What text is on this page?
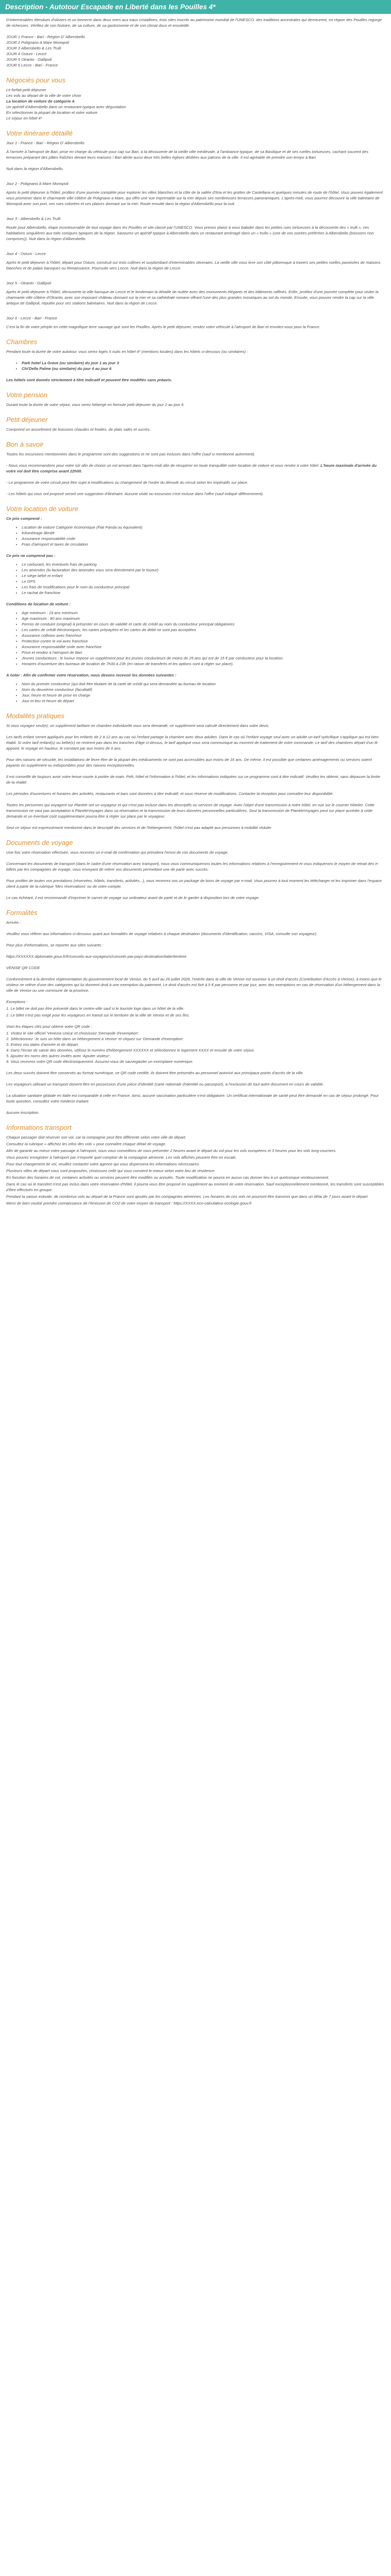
Description - Autotour Escapade en Liberté dans les Pouilles 4*

D'interminables étendues d'oliviers et un tonnerre dans deux mers aux eaux cristallines, trois sites inscrits au patrimoine mondial de l'UNESCO, des traditions ancestrales qui demeurent, en région des Pouilles regorge de richesses. Vérifiez de son histoire, de sa culture, de sa gastronomie et de son climat doux et ensoleillé.

JOUR 1 France - Bari - Région D' Alberobello
JOUR 2 Polignano A Mare Monopoli
JOUR 3 Alberobello & Les Trulli
JOUR 4 Ostuni - Lecce
JOUR 5 Otranto - Gallipoli
JOUR 6 Lecce - Bari - France
Négociés pour vous
Le forfait petit déjeuner
Les vols au départ de la ville de votre choix
La location de voiture de catégorie A
Un apéritif d'Alberobello dans un restaurant typique avec dégustation
En sélectionner la plupart de location et votre voiture
Le séjour en hôtel 4*
Votre itinéraire détaillé

Jour 1 - France - Bari - Région D' Alberobello

À l'arrivée à l'aéroport de Bari, prise en charge du véhicule pour cap sur Bari, à la découverte de la vieille ville médiévale, à l'ambiance typique, de sa Basilique et de ses ruelles tortueuses, cachant souvent des terrasses préparant des pâtes fraîches devant leurs maisons ! Bari abrite aussi deux très belles églises dédiées aux patrons de la ville. Il est agréable de prendre son temps à Bari.

Nuit dans la région d'Alberobello.

Jour 2 - Polignano A Mare Monopoli

Après le petit déjeuner à l'hôtel, profitez d'une journée complète pour explorer les villes blanches et la côte de la vallée d'Itria et les grottes de Castellana et quelques minutes de route de l'hôtel. Vous pouvez également vous promener dans le charmante ville côtière de Polignano a Mare, qui offre une vue imprenable sur la mer depuis ses nombreuses terrasses panoramiques. L'après-midi, vous pourrez découvrir la ville balnéaire de Monopoli avec son port, ses rues colorées et ses plaisirs donnant sur la mer. Route ensuite dans la région d'Alberobello pour la nuit.

Jour 3 - Alberobello & Les Trulli

Route pour Alberobello, étape incontournable de tout voyage dans les Pouilles et site classé par l'UNESCO. Vous prenez plaisir à vous balader dans les petites rues tortueuses à la découverte des « trulli », ces habitations singulières aux toits coniques typiques de la région. Savourez un apéritif typique à Alberobello dans un restaurant aménagé dans un « trullo » (une de vos soirées préférées à Alberobello (boissons non comprises)). Nuit dans la région d'Alberobello.

Jour 4 - Ostuni - Lecce

Après le petit déjeuner à l'hôtel, départ pour Ostuni, construit sur trois collines et surplombant d'interminables oliveraies. La vieille ville vous livre son côté pittoresque à travers ses petites ruelles pavoisées de maisons blanches et de palais baroques ou Renaissance. Poursuite vers Lecce. Nuit dans la région de Lecce.

Jour 5 - Otranto - Gallipoli

Après le petit déjeuner à l'hôtel, découverte la ville baroque de Lecce et le lendemain la détaille de nuitée avec des monuments élégants et des bâtiments raffinés. Enfin, profitez d'une journée complète pour visiter la charmante ville côtière d'Otranto, avec son imposant château donnant sur la mer et sa cathédrale romane offrant l'une des plus grandes mosaïques au sol du monde. Ensuite, vous pouvez rendre la cap sur la ville antique de Gallipoli, réputée pour ses stations balnéaires. Nuit dans la région de Lecce.

Jour 6 - Lecce - Bari - France

C'est la fin de votre périple en cette magnifique terre sauvage que sont les Pouilles. Après le petit déjeuner, rendez votre véhicule à l'aéroport de Bari et envolez-vous pour la France.

Chambres

Pendant toute la durée de votre autotour, vous serez logés 5 nuits en hôtel 4* (mentions locales) dans les hôtels ci-dessous (ou similaires) :

• Park hotel La Grave (ou similaire) du jour 1 au jour 3
• Chi'Delle Palme (ou similaire) du jour 4 au jour 6

Les hôtels sont donnés strictement à titre indicatif et peuvent être modifiés sans préavis.

Votre pension

Durant toute la durée de votre séjour, vous serez hébergé en formule petit déjeuner du jour 2 au jour 6.

Petit déjeuner

Comprend un assortiment de boissons chaudes et froides, de plats salés et sucrés.

Bon à savoir

Toutes les excursions mentionnées dans le programme sont des suggestions et ne sont pas incluses dans l'offre (sauf si mentionné autrement).

- Nous vous recommandons pour votre sûr afin de choisir un vol arrivant dans l'après-midi afin de récupérer en toute tranquillité votre location de voiture et vous rendre à votre hôtel. L'heure maximale d'arrivée du votre vol doit être comprise avant 22h00.

- Le programme de votre circuit peut être sujet à modifications ou changement de l'ordre du déroulé du circuit selon les impératifs sur place.

- Les hôtels qui vous ont proposé seront une suggestion d'itinéraire. Aucune visite ou excursion n'est incluse dans l'offre (sauf indiqué différemment).

Votre location de voiture

Ce prix comprend :

• Location de voiture Catégorie économique (Fiat Panda ou équivalent)
• Kilométrage illimité
• Assurance responsabilité civile
• Frais d'aéroport et taxes de circulation

Ce prix ne comprend pas :

• Le carburant, les éventuels frais de parking
• Les amendes (la facturation des amendes vous sera directement par le loueur)
• Le siège bébé et enfant
• Le GPS
• Les frais de modifications pour le nom du conducteur principal
• Le rachat de franchise

Conditions de location de voiture :

• Age minimum : 19 ans minimum
• Age maximum : 80 ans maximum
• Permis de conduire (original) à présenter en cours de validité et carte de crédit au nom du conducteur principal obligatoires
• Les cartes de crédit électroniques, les cartes prépayées et les cartes de débit ne sont pas acceptées
• Assurance collision avec franchise
• Protection contre le vol avec franchise
• Assurance responsabilité civile avec franchise
• Prise et rendez à l'aéroport de Bari
• Jeunes conducteurs : le loueur impose un supplément pour les jeunes conducteurs de moins de 25 ans qui est de 15 € par conducteur pour la location.
• Horaires d'ouverture des bureaux de location de 7h30 à 23h (en raison de transferts et les options sont à régler sur place).

A noter : Afin de confirmer votre réservation, nous devons recevoir les données suivantes :

• Nom du premier conducteur (qui doit être titulaire de la carte de crédit qui sera demandée au bureau de location
• Nom du deuxième conducteur (facultatif)
• Jour, heure et heure de prise en charge
• Jour et lieu et heure de départ
Modalités pratiques

Si vous voyagez seul(e), un supplément tarifaire en chambre individuelle vous sera demandé, ce supplément sera calculé directement dans votre devis.

Les tarifs enfant seront appliqués pour les enfants de 2 à 12 ans au cas où l'enfant partage la chambre avec deux adultes. Dans le cas où l'enfant voyage seul avec un adulte un tarif spécifique s'applique qui est bien établi. Si votre tarif enfant(s) ou bébé(s) ne rentrent pas dans les tranches d'âge ci-dessus, le tarif appliqué vous sera communiqué au moment de traitement de votre commande. Le tarif des chambres départ d'un lit appoint, le voyage en hauteur, le constant par aux moins de 6 ans.

Pour des raisons de sécurité, les installations de lèvre être de la plupart des médicaments ne sont pas accessibles aux moins de 16 ans. De même, il est possible que certaines aménagements ou services soient payants en supplément ou indisponibles pour des raisons exceptionnelles.

Il est conseillé de toujours avoir votre tenue courte à portée de main. Prêt, hôtel et l'information à l'hôtel, et les informations indiquées sur ce programme sont à titre indicatif. Veuillez les obtenir, sans dépasser la limite de la réalité.

Les périodes d'ouvertures et horaires des activités, restaurants et bars sont données à titre indicatif, et sous réserve de modifications. Contacter la réception pour connaître leur disponibilité.

Toutes les personnes qui voyagent sur Planète ont un voyageur et qui n'est pas incluse dans les descriptifs ou services de voyage. Avec l'objet d'une transmission à notre hôtel, en vue sur le courrier hôtelier. Cette transmission ne vaut pas acceptation à PlanèteVoyages dans sa réservation et la transmission de leurs données personnelles particulières. Seul la transmission de PlanèteVoyages peut sur place accéder à cette demande et un éventuel coût supplémentaire pourra être à régler sur place par le voyageur.

Seul ce séjour est expressément mentionné dans le descriptif des services et de l'hébergement, l'hôtel n'est pas adapté aux personnes à mobilité réduite.

Documents de voyage

Une fois votre réservation effectuée, vous recevrez un e-mail de confirmation qui présidera l'envoi de vos documents de voyage.

Concernant les documents de transport (dans le cadre d'une réservation avec transport), nous vous communiquerons toutes les informations relatives à l'enregistrement et vous indiquerons le moyen de retrait des e-billets par les compagnies de voyage, vous envoyant de retirer vos documents permettant une de partir avec succès.

Pour profiter de toutes vos prestations (réservées, hôtels, transferts, activités...), vous recevrez vos un package de bons de voyage par e-mail. Vous pourrez à tout moment les télécharger et les imprimer dans l'espace client à partir de la rubrique 'Mes réservations' ou de votre compte.

Le cas échéant, il est recommandé d'imprimer le carnet de voyage sur ordinateur avant de partir et de le garder à disposition lors de votre voyage.

Formalités

Arrivée :

Veuillez vous référer aux informations ci-dessous quant aux formalités de voyage relatives à chaque destination (documents d'identification, vaccins, VISA, consulte son voyageur).

Pour plus d'informations, se reporter aux sites suivants :

https://XXXXXX.diplomatie.gouv.fr/fr/conseils-aux-voyageurs/conseils-par-pays-destination/italie/#entree

VENISE QR CODE

Conformément à la dernière réglementation du gouvernement local de Venise, du 5 avril au 26 juillet 2026, l'entrée dans la ville de Venise est soumise à un droit d'accès (Contribution d'Accès à Venise), à moins que le visiteur ne relève d'une des catégories qui lui donnent droit à une exemption du paiement. Le droit d'accès est fixé à 5 € par personne et par jour, avec des exemptions en cas de réservation d'un hébergement dans la ville de Venise ou une commune de la province.

Exceptions :

1. Le billet ne doit pas être présenté dans le centre-ville sauf si le touriste loge dans un hôtel de la ville.

2. Le billet n'est pas exigé pour les voyageurs en transit sur le territoire de la ville de Venise et de ses îles.

Voici les étapes clés pour obtenir votre QR code :

1. Visitez le site officiel 'Venezia Unica' et choisissez 'Demande d'exemption'.
2. Sélectionnez 'Je suis un hôte dans un hébergement à Venise' et cliquez sur 'Demande d'exemption'.
3. Entrez vos dates d'arrivée et de départ.
4. Dans l'écran de saisie des données, utilisez le numéro d'hébergement XXXXXX et sélectionnez le logement XXXX et ensuite de votre séjour.
5. Ajoutez les noms des autres invités avec 'Ajouter visiteur'.
6. Vous recevrez votre QR code électroniquement. Assurez-vous de sauvegarder un exemplaire numérique.

Les deux succès doivent être conservés au format numérique, ce QR code certifié, ils doivent être présentés au personnel autorisé aux principaux points d'accès de la ville.

Les voyageurs utilisant un transport doivent être en possession d'une pièce d'identité (carte nationale d'identité ou passeport), à l'exclusion de tout autre document en cours de validité.

La situation sanitaire globale en Italie est comparable à celle en France. Ainsi, aucune vaccination particulière n'est obligatoire. Un certificat internationale de santé peut être demandé en cas de séjour prolongé. Pour toute question, consultez votre médecin traitant.

Aucune inscription.

Informations transport

Chaque passager doit réserver son vol, car la compagnie peut être différente selon votre ville de départ.

Consultez la rubrique « affichez les infos des vols » pour connaître chaque détail de voyage.

Afin de garantir au mieux votre passage à l'aéroport, nous vous conseillons de vous présenter 2 heures avant le départ du vol pour les vols européens et 3 heures pour les vols long-courriers.

Vous pouvez enregistrer à l'aéroport par n'importe quel comptoir de la compagnie aérienne. Les vols affichés peuvent être en escale.

Pour tout changement de vol, veuillez contacter votre agence qui vous dispensera les informations nécessaires.

Plusieurs villes de départ vous sont proposées, choisissez celle qui vous convient le mieux selon votre lieu de résidence.

En fonction des horaires de vol, certaines activités ou services peuvent être modifiés ou annulés. Toute modification ne pourra en aucun cas donner lieu à un quelconque remboursement.

Dans le cas où le transfert n'est pas inclus dans votre réservation d'hôtel, il pourra vous être proposé en supplément au moment de votre réservation. Sauf exceptionnellement mentionné, les transferts sont susceptibles d'être effectués en groupe.

Pendant la saison estivale, de nombreux vols au départ de la France sont ajoutés par les compagnies aériennes. Les horaires de ces vols ne pourront être transmis que dans un délai de 7 jours avant le départ.

Merci de bien vouloir prendre connaissance de l'émission de CO2 de votre moyen de transport : https://XXXX.eco-calculateur.ecologie.gouv.fr
